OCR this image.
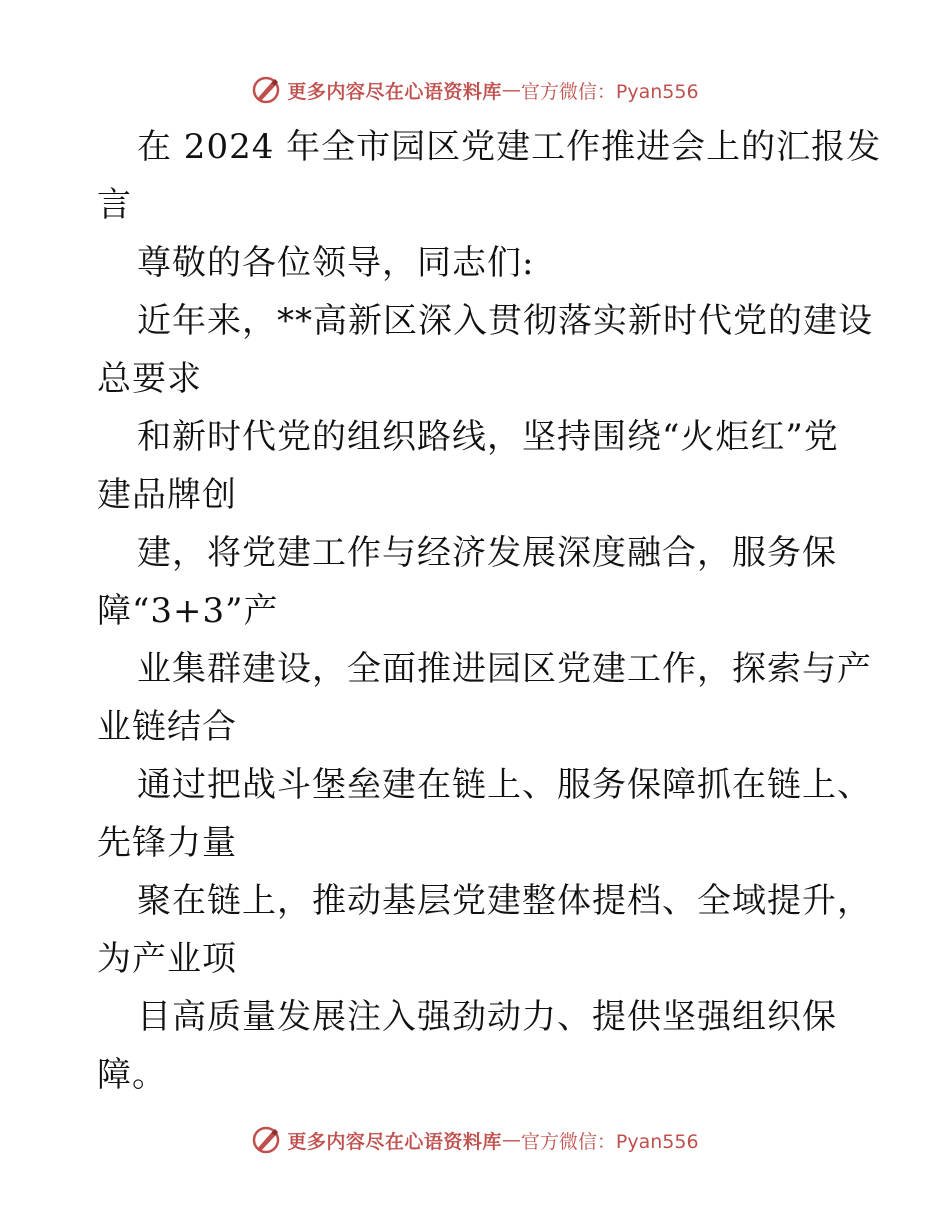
更多内容尽在心语资料库 — 官方微信：Pyan556
在 2024 年全市园区党建工作推进会上的汇报发
言
尊敬的各位领导，同志们:
近年来，**高新区深入贯彻落实新时代党的建设
总要求
和新时代党的组织路线，坚持围绕“火炬红”党
建品牌创
建，将党建工作与经济发展深度融合，服务保
障“3+3”产
业集群建设，全面推进园区党建工作，探索与产
业链结合
通过把战斗堡垒建在链上、服务保障抓在链上、
先锋力量
聚在链上，推动基层党建整体提档、全域提升，
为产业项
目高质量发展注入强劲动力、提供坚强组织保
障。
更多内容尽在心语资料库 — 官方微信：Pyan556
